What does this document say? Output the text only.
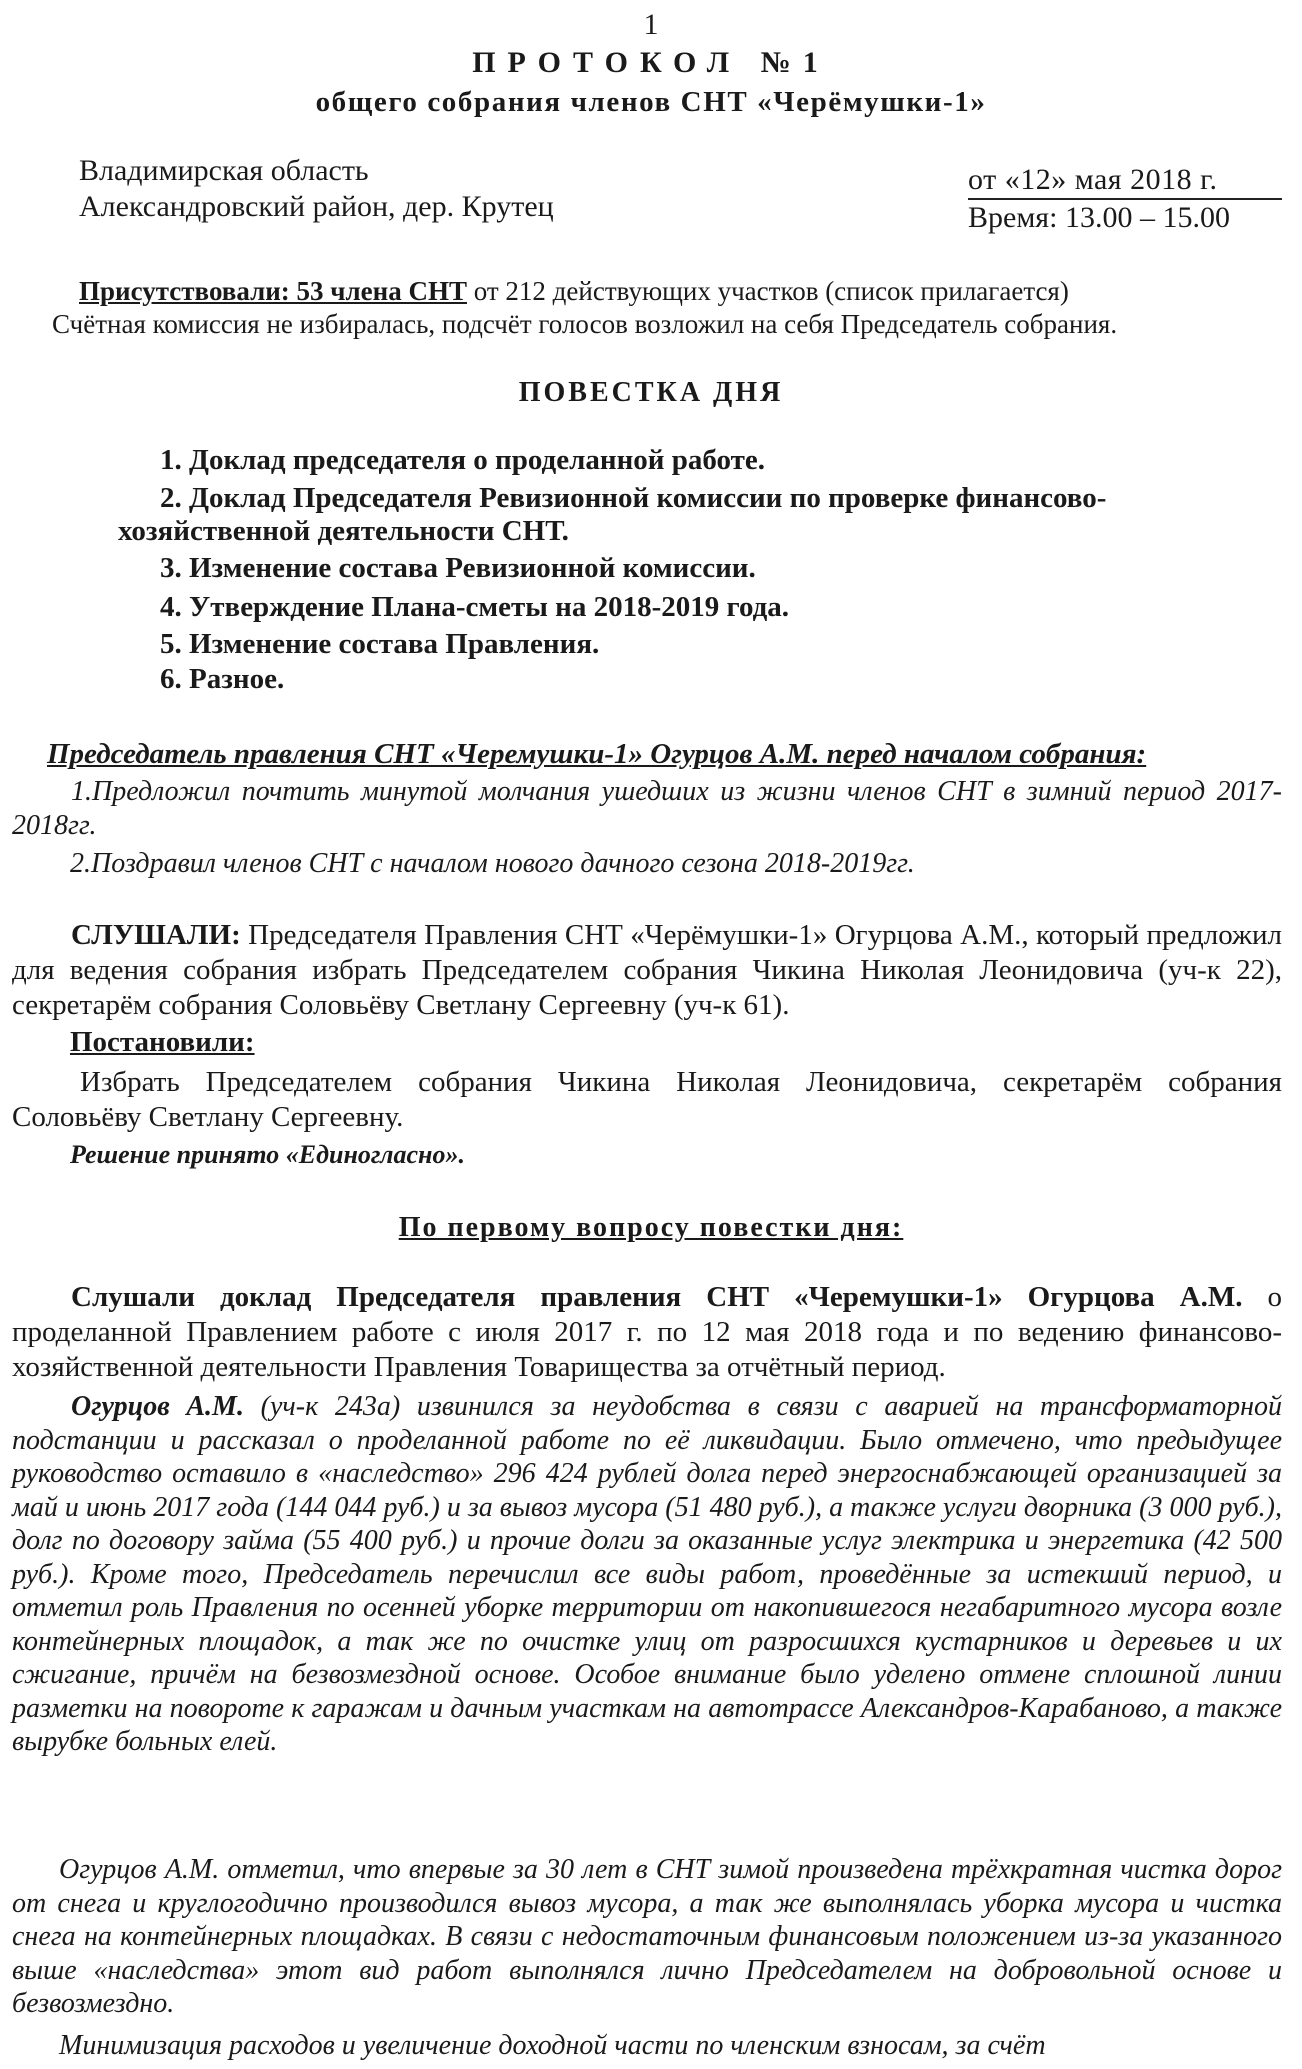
1

ПРОТОКОЛ №1

общего собрания членов СНТ «Черёмушки-1»

Владимирская область

Александровский район, дер. Крутец

от «12» мая 2018 г.

Время: 13.00 – 15.00

Присутствовали: 53 члена СНТ от 212 действующих участков (список прилагается)

Счётная комиссия не избиралась, подсчёт голосов возложил на себя Председатель собрания.

ПОВЕСТКА ДНЯ

1. Доклад председателя о проделанной работе.

2. Доклад Председателя Ревизионной комиссии по проверке финансово-

хозяйственной деятельности СНТ.

3. Изменение состава Ревизионной комиссии.

4. Утверждение Плана-сметы на 2018-2019 года.

5. Изменение состава Правления.

6. Разное.

Председатель правления СНТ «Черемушки-1» Огурцов А.М. перед началом собрания:

1.Предложил почтить минутой молчания ушедших из жизни членов СНТ в зимний период 2017-2018гг.

2.Поздравил членов СНТ с началом нового дачного сезона 2018-2019гг.

СЛУШАЛИ: Председателя Правления СНТ «Черёмушки-1» Огурцова А.М., который предложил для ведения собрания избрать Председателем собрания Чикина Николая Леонидовича (уч-к 22), секретарём собрания Соловьёву Светлану Сергеевну (уч-к 61).

Постановили:

Избрать Председателем собрания Чикина Николая Леонидовича, секретарём собрания Соловьёву Светлану Сергеевну.

Решение принято «Единогласно».

По первому вопросу повестки дня:

Слушали доклад Председателя правления СНТ «Черемушки-1» Огурцова А.М. о проделанной Правлением работе с июля 2017 г. по 12 мая 2018 года и по ведению финансово-хозяйственной деятельности Правления Товарищества за отчётный период.

Огурцов А.М. (уч-к 243а) извинился за неудобства в связи с аварией на трансформаторной подстанции и рассказал о проделанной работе по её ликвидации. Было отмечено, что предыдущее руководство оставило в «наследство» 296 424 рублей долга перед энергоснабжающей организацией за май и июнь 2017 года (144 044 руб.) и за вывоз мусора (51 480 руб.), а также услуги дворника (3 000 руб.), долг по договору займа (55 400 руб.) и прочие долги за оказанные услуг электрика и энергетика (42 500 руб.). Кроме того, Председатель перечислил все виды работ, проведённые за истекший период, и отметил роль Правления по осенней уборке территории от накопившегося негабаритного мусора возле контейнерных площадок, а так же по очистке улиц от разросшихся кустарников и деревьев и их сжигание, причём на безвозмездной основе. Особое внимание было уделено отмене сплошной линии разметки на повороте к гаражам и дачным участкам на автотрассе Александров-Карабаново, а также вырубке больных елей.

Огурцов А.М. отметил, что впервые за 30 лет в СНТ зимой произведена трёхкратная чистка дорог от снега и круглогодично производился вывоз мусора, а так же выполнялась уборка мусора и чистка снега на контейнерных площадках. В связи с недостаточным финансовым положением из-за указанного выше «наследства» этот вид работ выполнялся лично Председателем на добровольной основе и безвозмездно.

Минимизация расходов и увеличение доходной части по членским взносам, за счёт
